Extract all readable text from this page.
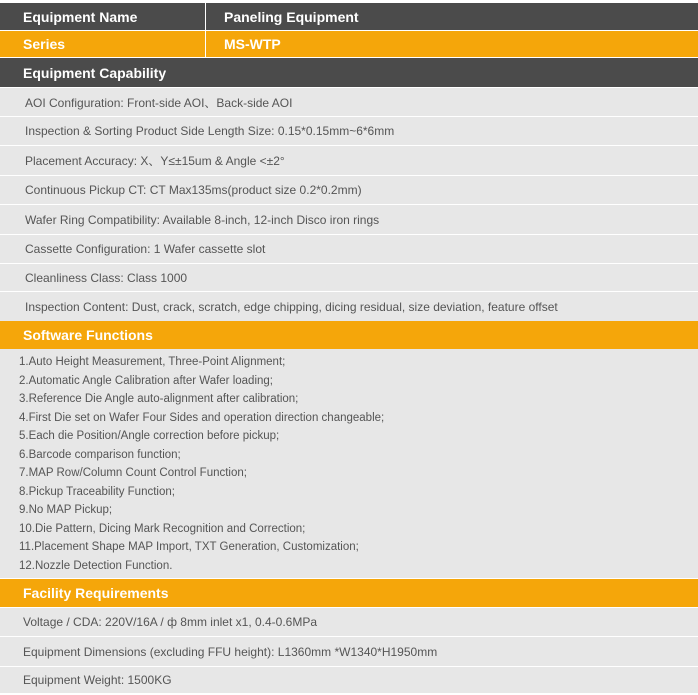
Equipment Name	Paneling Equipment
Series	MS-WTP
Equipment Capability
AOI Configuration: Front-side AOI、Back-side AOI
Inspection & Sorting Product Side Length Size: 0.15*0.15mm~6*6mm
Placement Accuracy: X、Y≤±15um & Angle <±2°
Continuous Pickup CT: CT Max135ms(product size 0.2*0.2mm)
Wafer Ring Compatibility: Available 8-inch, 12-inch Disco iron rings
Cassette Configuration: 1 Wafer cassette slot
Cleanliness Class: Class 1000
Inspection Content: Dust, crack, scratch, edge chipping, dicing residual, size deviation, feature offset
Software Functions
1.Auto Height Measurement, Three-Point Alignment;
2.Automatic Angle Calibration after Wafer loading;
3.Reference Die Angle auto-alignment after calibration;
4.First Die set on Wafer Four Sides and operation direction changeable;
5.Each die Position/Angle correction before pickup;
6.Barcode comparison function;
7.MAP Row/Column Count Control Function;
8.Pickup Traceability Function;
9.No MAP Pickup;
10.Die Pattern, Dicing Mark Recognition and Correction;
11.Placement Shape MAP Import, TXT Generation, Customization;
12.Nozzle Detection Function.
Facility Requirements
Voltage / CDA: 220V/16A / ф 8mm inlet x1, 0.4-0.6MPa
Equipment Dimensions (excluding FFU height): L1360mm *W1340*H1950mm
Equipment Weight: 1500KG
